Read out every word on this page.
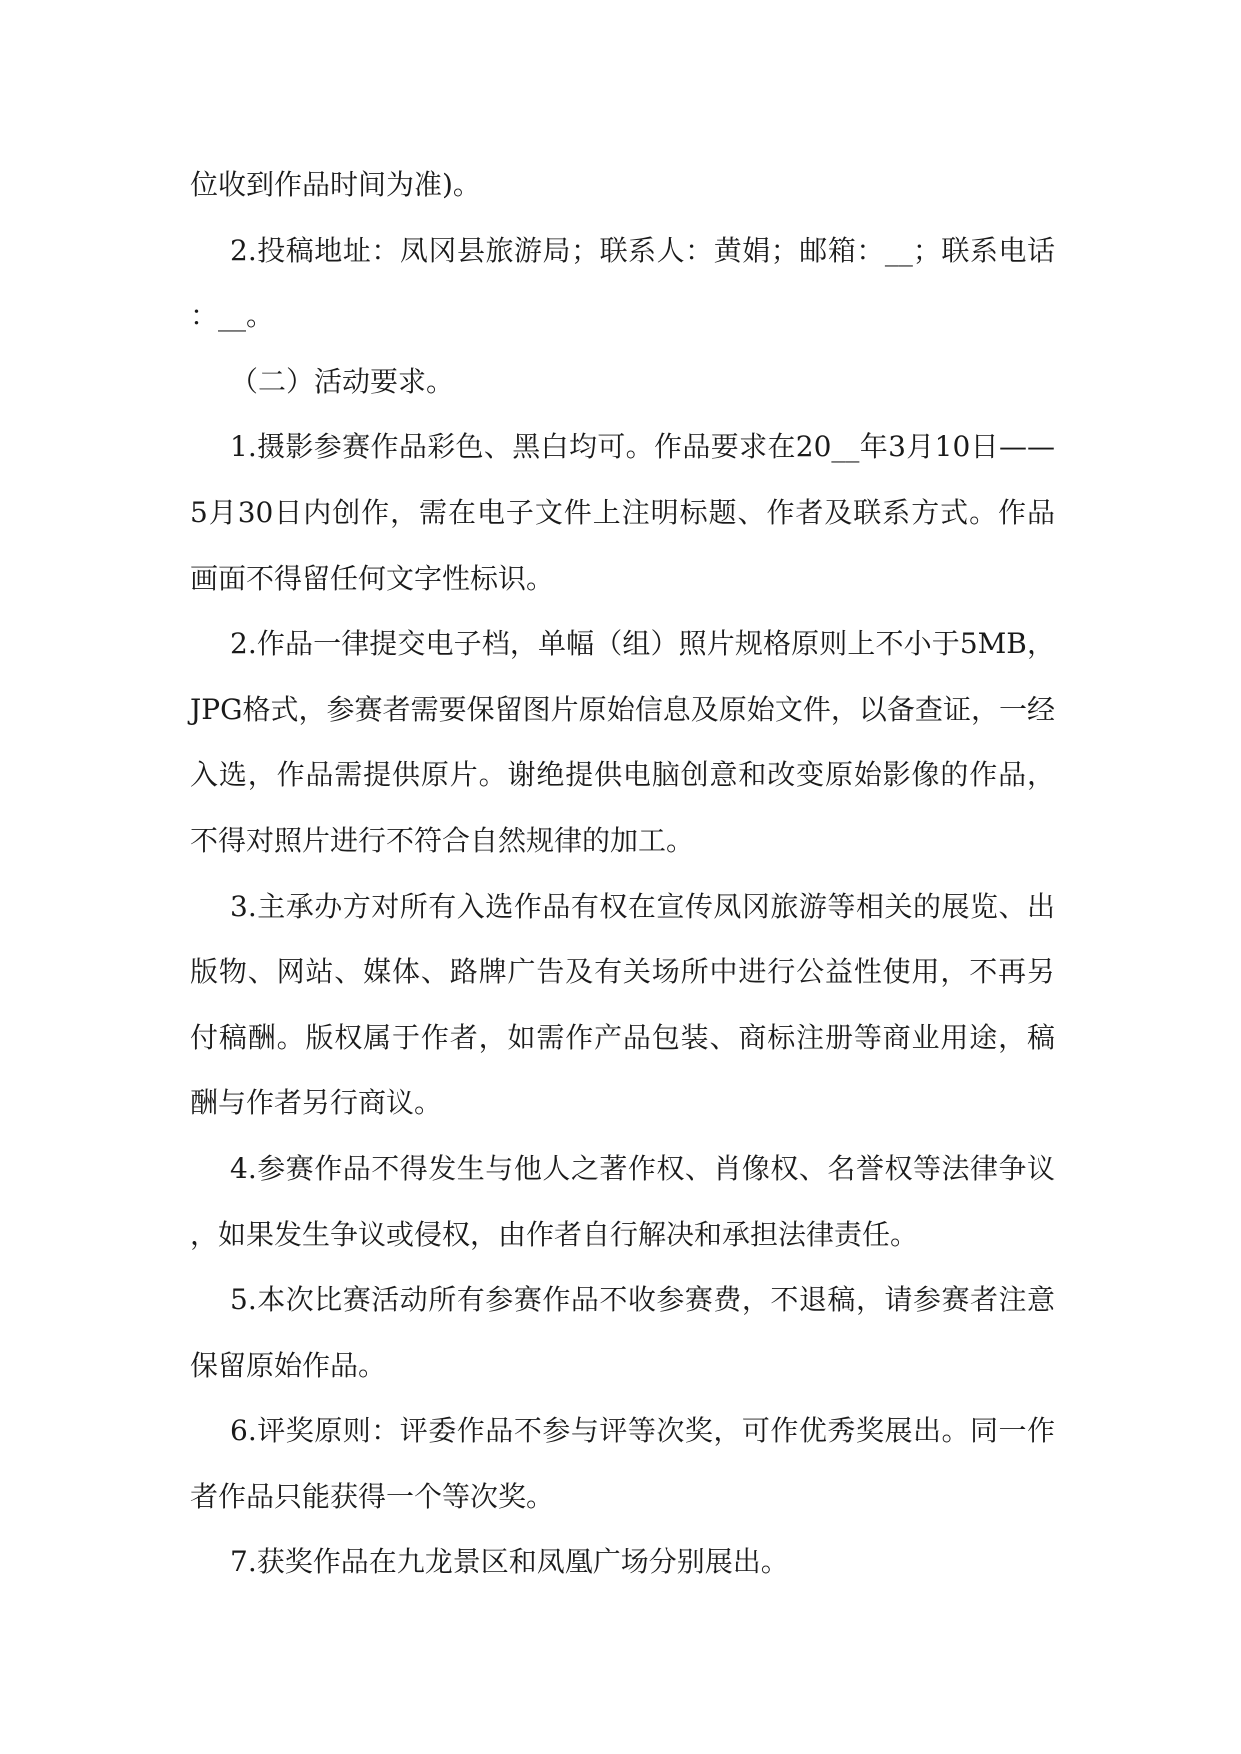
位收到作品时间为准)。

2.投稿地址：凤冈县旅游局；联系人：黄娟；邮箱：__；联系电话：__。

（二）活动要求。

1.摄影参赛作品彩色、黑白均可。作品要求在20__年3月10日——5月30日内创作，需在电子文件上注明标题、作者及联系方式。作品画面不得留任何文字性标识。

2.作品一律提交电子档，单幅（组）照片规格原则上不小于5MB，JPG格式，参赛者需要保留图片原始信息及原始文件，以备查证，一经入选，作品需提供原片。谢绝提供电脑创意和改变原始影像的作品，不得对照片进行不符合自然规律的加工。

3.主承办方对所有入选作品有权在宣传凤冈旅游等相关的展览、出版物、网站、媒体、路牌广告及有关场所中进行公益性使用，不再另付稿酬。版权属于作者，如需作产品包装、商标注册等商业用途，稿酬与作者另行商议。

4.参赛作品不得发生与他人之著作权、肖像权、名誉权等法律争议，如果发生争议或侵权，由作者自行解决和承担法律责任。

5.本次比赛活动所有参赛作品不收参赛费，不退稿，请参赛者注意保留原始作品。

6.评奖原则：评委作品不参与评等次奖，可作优秀奖展出。同一作者作品只能获得一个等次奖。

7.获奖作品在九龙景区和凤凰广场分别展出。
